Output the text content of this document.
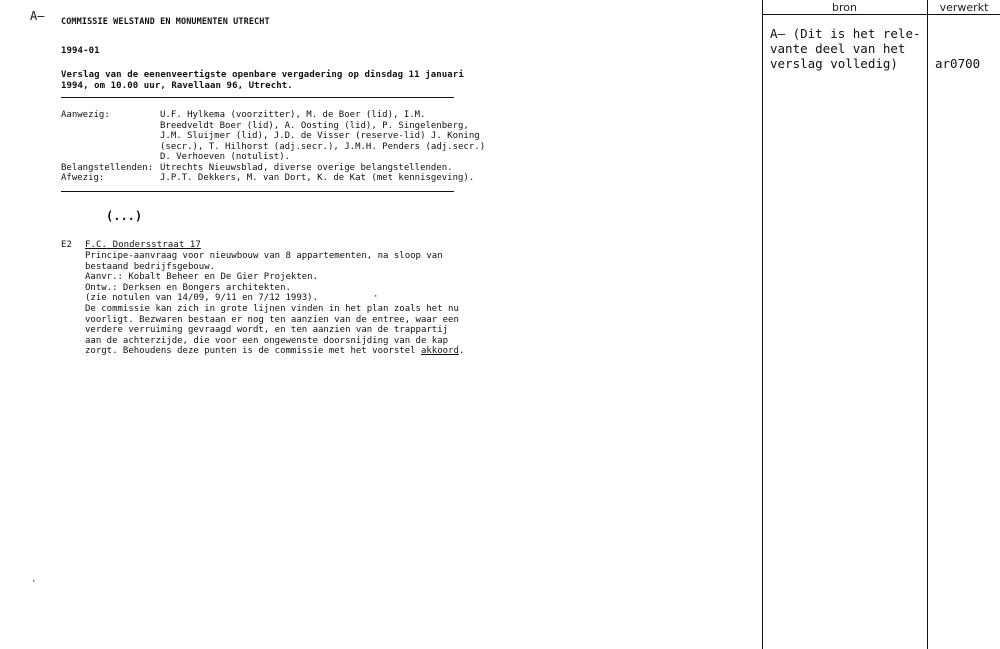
A–
·
COMMISSIE WELSTAND EN MONUMENTEN UTRECHT
1994-01
Verslag van de eenenveertigste openbare vergadering op dinsdag 11 januari
1994, om 10.00 uur, Ravellaan 96, Utrecht.
Aanwezig:	U.F. Hylkema (voorzitter), M. de Boer (lid), I.M.
Breedveldt Boer (lid), A. Oosting (lid), P. Singelenberg,
J.M. Sluijmer (lid), J.D. de Visser (reserve-lid) J. Koning
(secr.), T. Hilhorst (adj.secr.), J.M.H. Penders (adj.secr.)
D. Verhoeven (notulist).
Belangstellenden: Utrechts Nieuwsblad, diverse overige belangstellenden.
Afwezig:	J.P.T. Dekkers, M. van Dort, K. de Kat (met kennisgeving).
(...)
E2 F.C. Dondersstraat 17
Principe-aanvraag voor nieuwbouw van 8 appartementen, na sloop van
bestaand bedrijfsgebouw.
Aanvr.: Kobalt Beheer en De Gier Projekten.
Ontw.: Derksen en Bongers architekten.
(zie notulen van 14/09, 9/11 en 7/12 1993).
De commissie kan zich in grote lijnen vinden in het plan zoals het nu
voorligt. Bezwaren bestaan er nog ten aanzien van de entree, waar een
verdere verruiming gevraagd wordt, en ten aanzien van de trappartij
aan de achterzijde, die voor een ongewenste doorsnijding van de kap
zorgt. Behoudens deze punten is de commissie met het voorstel akkoord.
·
bron	verwerkt
A– (Dit is het rele-
vante deel van het
verslag volledig)	ar0700
